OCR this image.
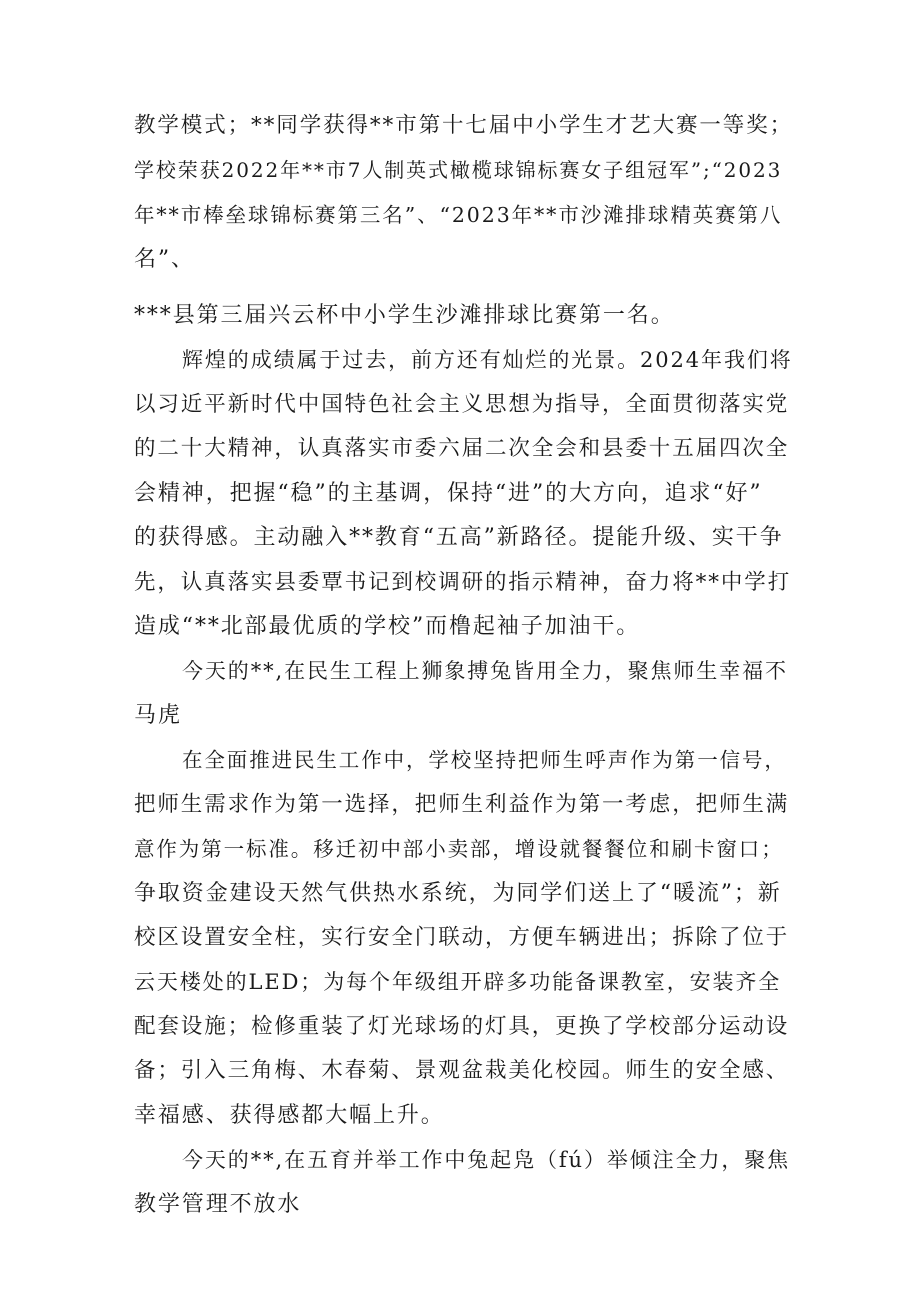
教学模式；**同学获得**市第十七届中小学生才艺大赛一等奖；

学校荣获2022年**市7人制英式橄榄球锦标赛女子组冠军”;“2023

年**市棒垒球锦标赛第三名”、“2023年**市沙滩排球精英赛第八

名”、

***县第三届兴云杯中小学生沙滩排球比赛第一名。

辉煌的成绩属于过去，前方还有灿烂的光景。2024年我们将

以习近平新时代中国特色社会主义思想为指导，全面贯彻落实党

的二十大精神，认真落实市委六届二次全会和县委十五届四次全

会精神，把握“稳”的主基调，保持“进”的大方向，追求“好”

的获得感。主动融入**教育“五高”新路径。提能升级、实干争

先，认真落实县委覃书记到校调研的指示精神，奋力将**中学打

造成“**北部最优质的学校”而橹起袖子加油干。

今天的**,在民生工程上狮象搏兔皆用全力，聚焦师生幸福不

马虎

在全面推进民生工作中，学校坚持把师生呼声作为第一信号，

把师生需求作为第一选择，把师生利益作为第一考虑，把师生满

意作为第一标准。移迁初中部小卖部，增设就餐餐位和刷卡窗口；

争取资金建设天然气供热水系统，为同学们送上了“暖流”；新

校区设置安全柱，实行安全门联动，方便车辆进出；拆除了位于

云天楼处的LED；为每个年级组开辟多功能备课教室，安装齐全

配套设施；检修重装了灯光球场的灯具，更换了学校部分运动设

备；引入三角梅、木春菊、景观盆栽美化校园。师生的安全感、

幸福感、获得感都大幅上升。

今天的**,在五育并举工作中兔起凫（fú）举倾注全力，聚焦

教学管理不放水
